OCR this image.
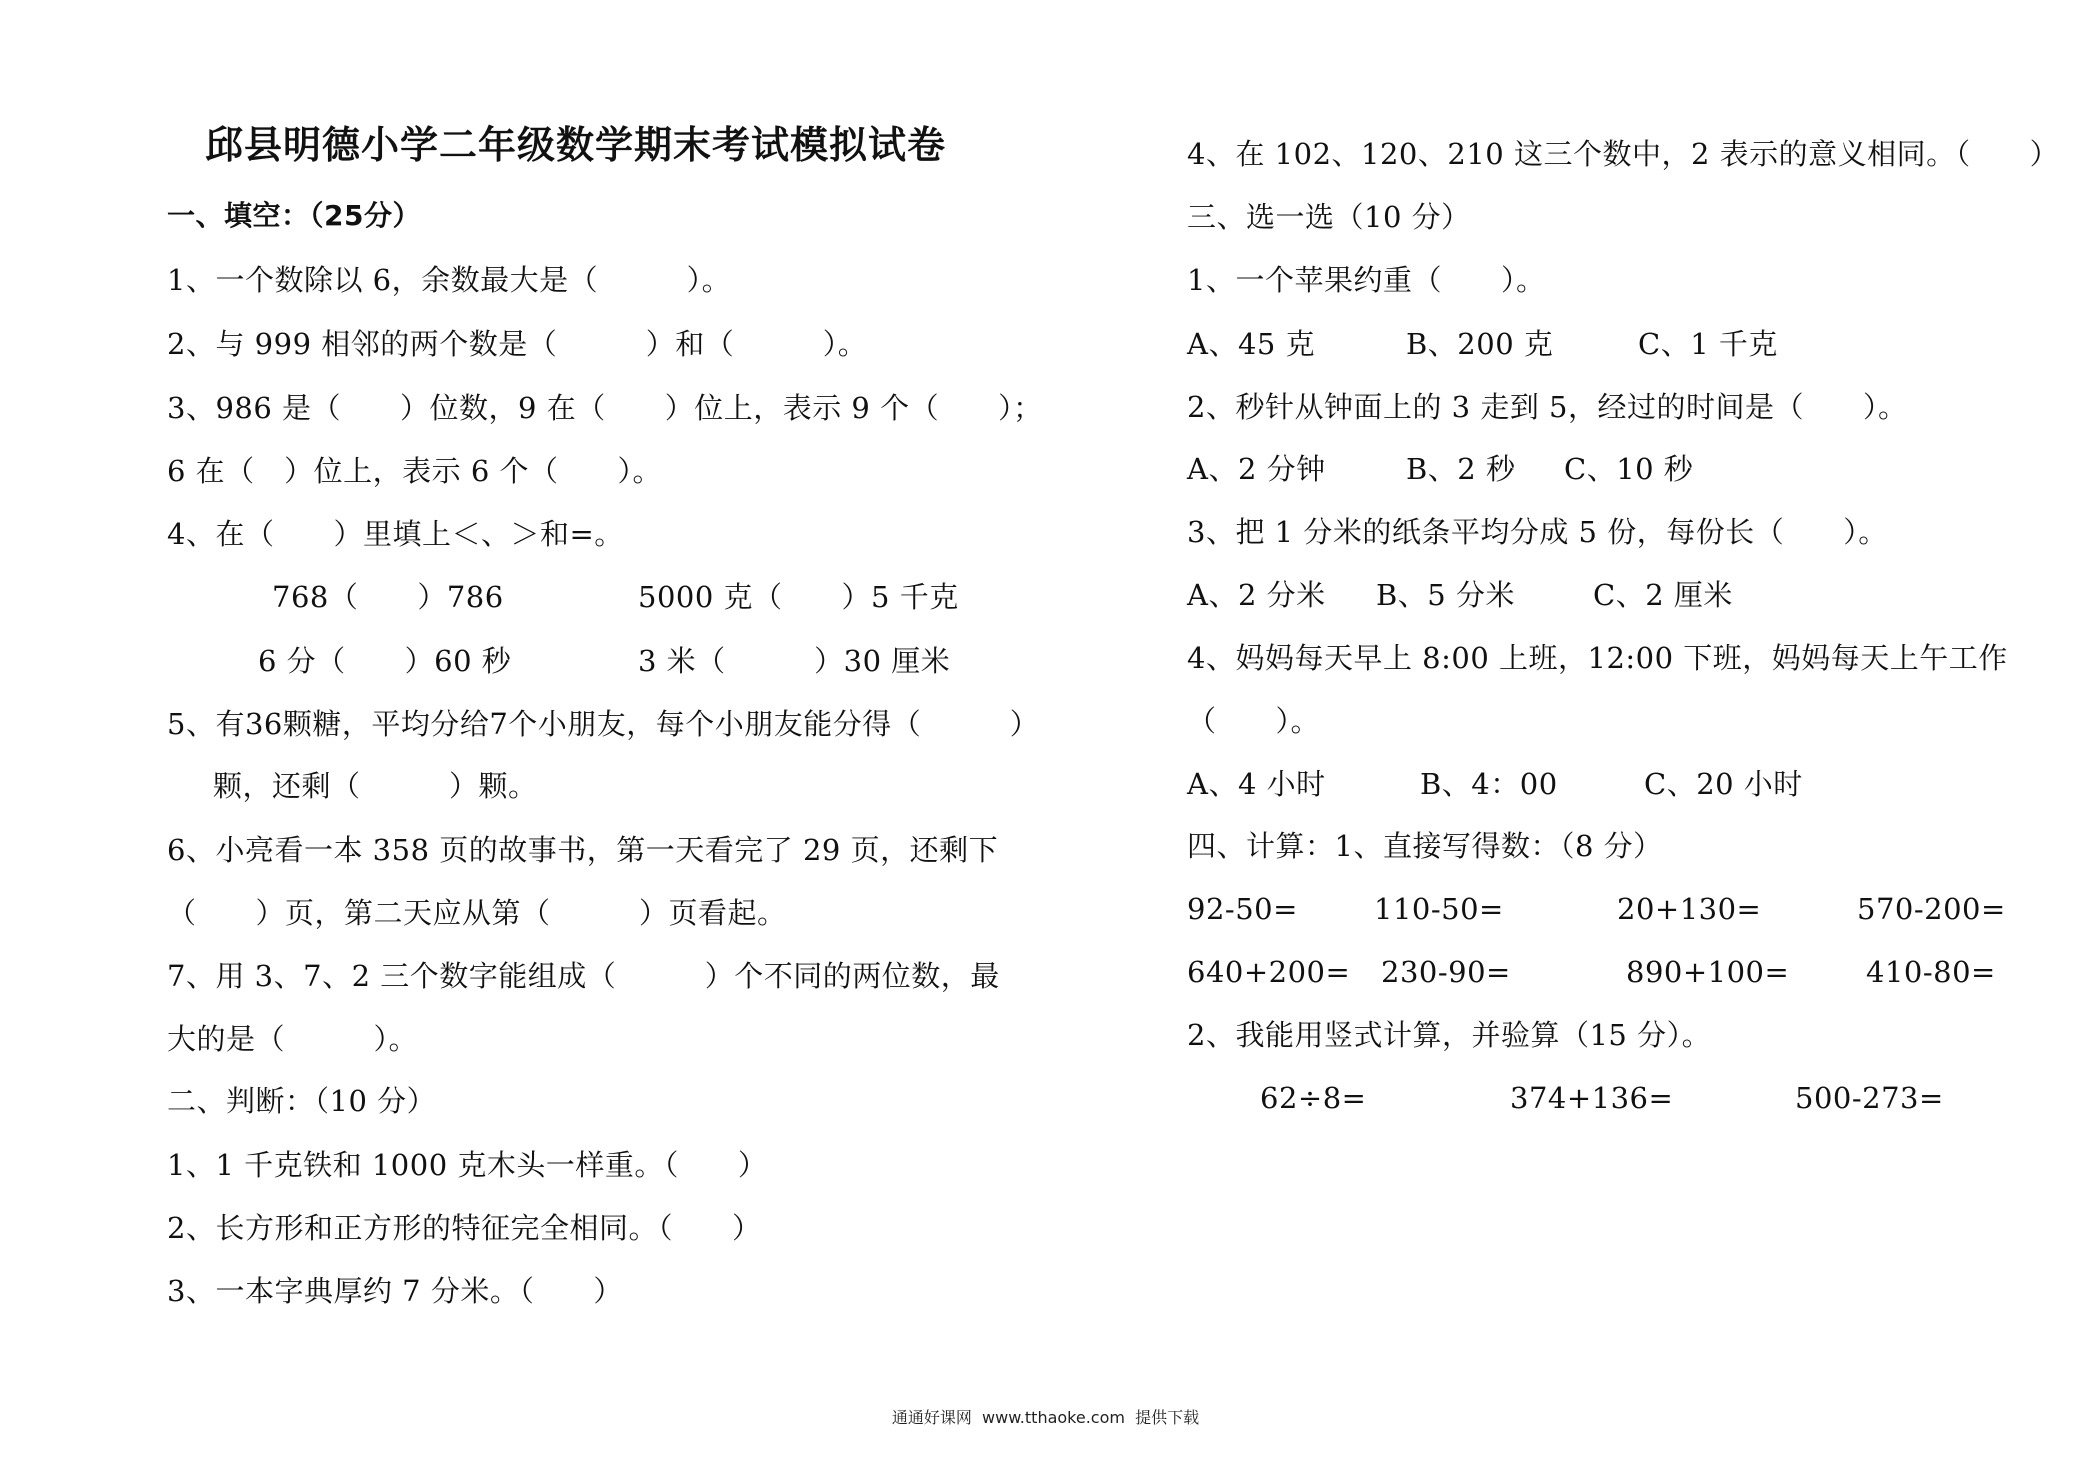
邱县明德小学二年级数学期末考试模拟试卷
一、填空：（25分）
1、一个数除以 6，余数最大是（　　　）。
2、与 999 相邻的两个数是（　　　）和（　　　）。
3、986 是（　　）位数，9 在（　　）位上，表示 9 个（　　）；
6 在（　）位上，表示 6 个（　　）。
4、在（　　）里填上＜、＞和=。
768（　　）786	5000 克（　　）5 千克
6 分（　　）60 秒	3 米（　　　）30 厘米
5、有36颗糖，平均分给7个小朋友，每个小朋友能分得（　　　）
颗，还剩（　　　）颗。
6、小亮看一本 358 页的故事书，第一天看完了 29 页，还剩下
（　　）页，第二天应从第（　　　）页看起。
7、用 3、7、2 三个数字能组成（　　　）个不同的两位数，最
大的是（　　　）。
二、判断：（10 分）
1、1 千克铁和 1000 克木头一样重。（　　）
2、长方形和正方形的特征完全相同。（　　）
3、一本字典厚约 7 分米。（　　）
4、在 102、120、210 这三个数中，2 表示的意义相同。（　　）
三、选一选（10 分）
1、一个苹果约重（　　）。
A、45 克	B、200 克	C、1 千克
2、秒针从钟面上的 3 走到 5，经过的时间是（　　）。
A、2 分钟	B、2 秒 C、10 秒
3、把 1 分米的纸条平均分成 5 份，每份长（　　）。
A、2 分米 B、5 分米	C、2 厘米
4、妈妈每天早上 8:00 上班，12:00 下班，妈妈每天上午工作
（　　）。
A、4 小时	B、4：00	C、20 小时
四、计算：1、直接写得数：（8 分）
92-50=	110-50=	20+130=	570-200=
640+200= 230-90=	890+100=	410-80=
2、我能用竖式计算，并验算（15 分）。
62÷8=	374+136=	500-273=
通通好课网  www.tthaoke.com  提供下载
